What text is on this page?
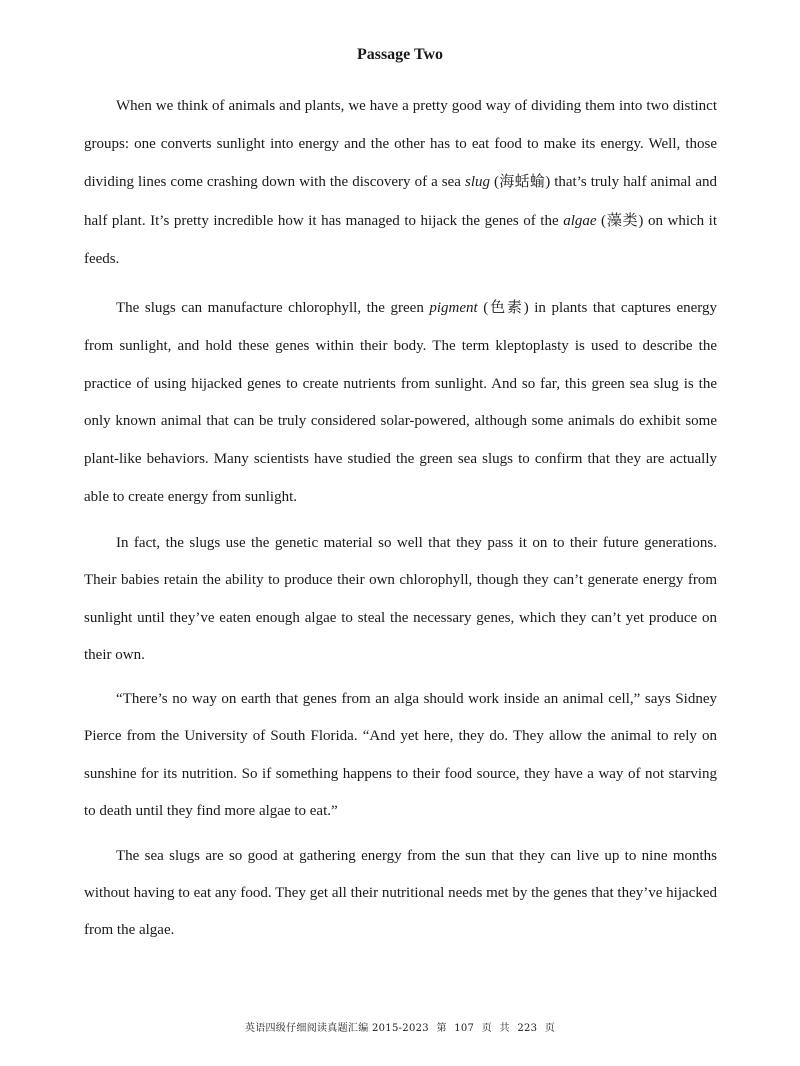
Passage Two

When we think of animals and plants, we have a pretty good way of dividing them into two distinct groups: one converts sunlight into energy and the other has to eat food to make its energy. Well, those dividing lines come crashing down with the discovery of a sea slug (海蛞蝓) that’s truly half animal and half plant. It’s pretty incredible how it has managed to hijack the genes of the algae (藻类) on which it feeds.

The slugs can manufacture chlorophyll, the green pigment (色素) in plants that captures energy from sunlight, and hold these genes within their body. The term kleptoplasty is used to describe the practice of using hijacked genes to create nutrients from sunlight. And so far, this green sea slug is the only known animal that can be truly considered solar-powered, although some animals do exhibit some plant-like behaviors. Many scientists have studied the green sea slugs to confirm that they are actually able to create energy from sunlight.

In fact, the slugs use the genetic material so well that they pass it on to their future generations. Their babies retain the ability to produce their own chlorophyll, though they can’t generate energy from sunlight until they’ve eaten enough algae to steal the necessary genes, which they can’t yet produce on their own.

“There’s no way on earth that genes from an alga should work inside an animal cell,” says Sidney Pierce from the University of South Florida. “And yet here, they do. They allow the animal to rely on sunshine for its nutrition. So if something happens to their food source, they have a way of not starving to death until they find more algae to eat.”

The sea slugs are so good at gathering energy from the sun that they can live up to nine months without having to eat any food. They get all their nutritional needs met by the genes that they’ve hijacked from the algae.

英语四级仔细阅读真题汇编 2015-2023 第 107 页 共 223 页
